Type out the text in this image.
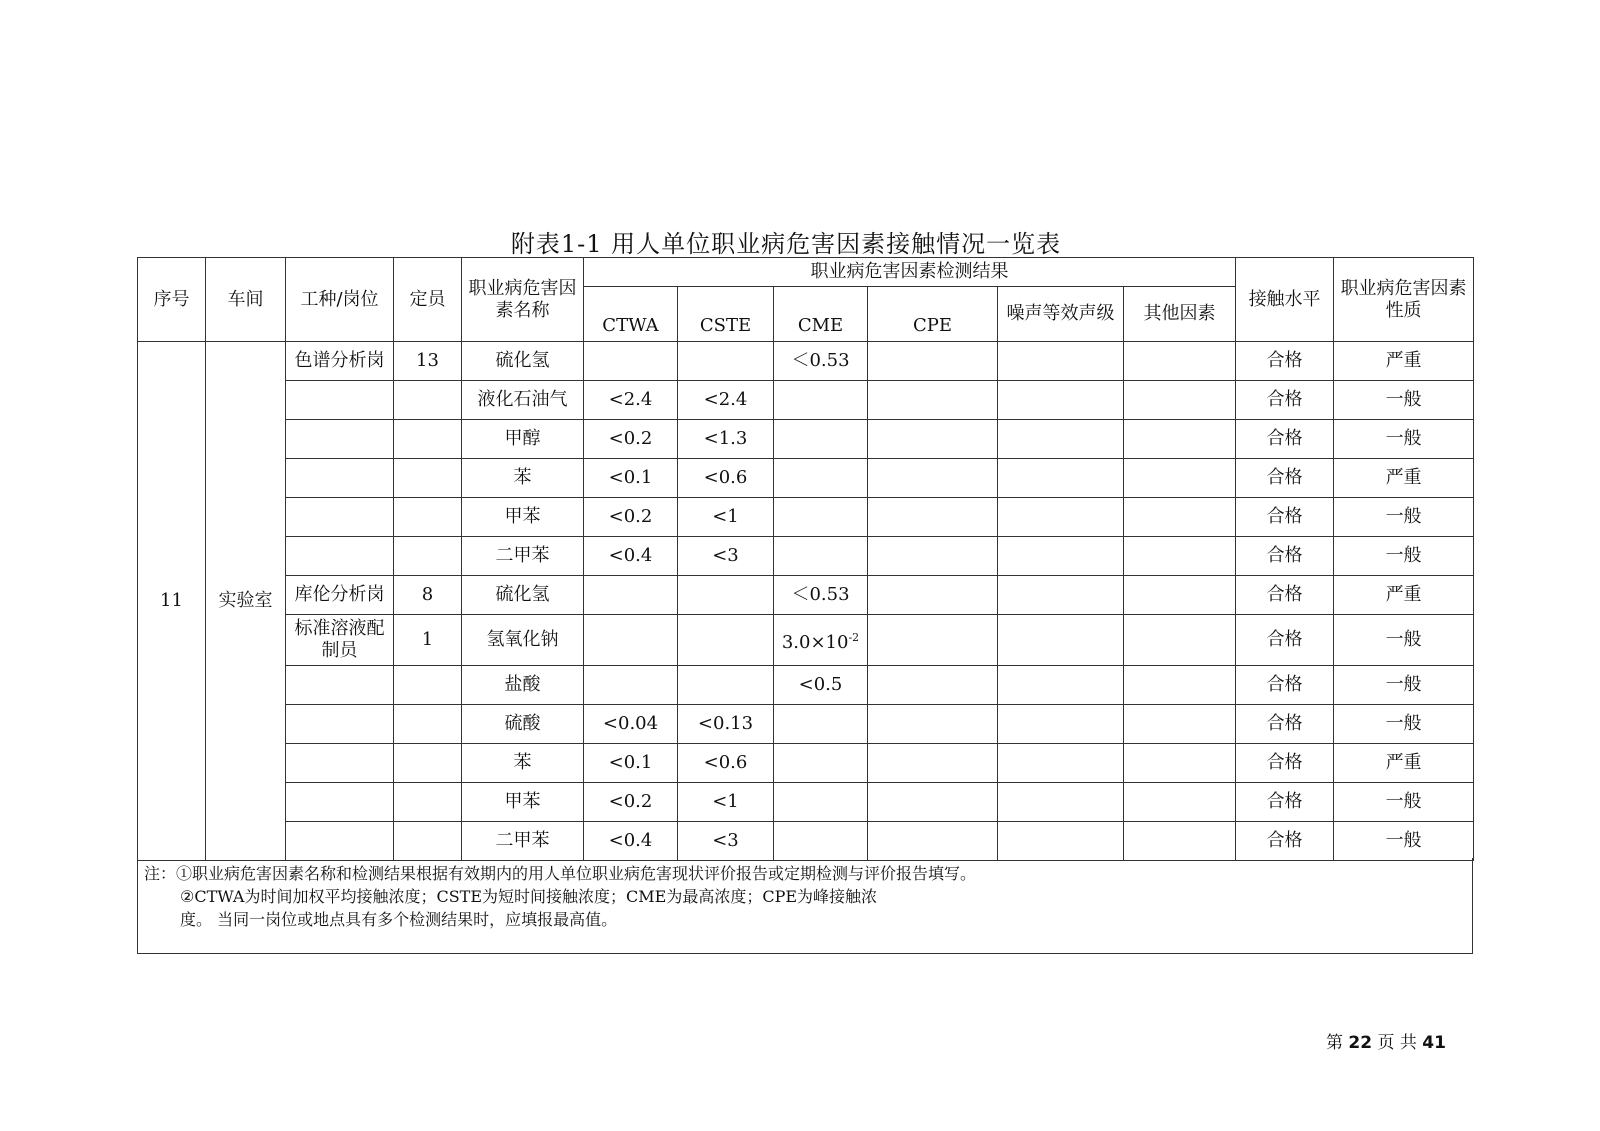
附表1-1 用人单位职业病危害因素接触情况一览表
序号	车间	工种/岗位	定员	职业病危害因素名称	职业病危害因素检测结果						接触水平	职业病危害因素性质
					CTWA	CSTE	CME	CPE	噪声等效声级	其他因素		
11	实验室	色谱分析岗	13	硫化氢			＜0.53				合格	严重
				液化石油气	<2.4	<2.4					合格	一般
				甲醇	<0.2	<1.3					合格	一般
				苯	<0.1	<0.6					合格	严重
				甲苯	<0.2	<1					合格	一般
				二甲苯	<0.4	<3					合格	一般
		库伦分析岗	8	硫化氢			＜0.53				合格	严重
		标准溶液配制员	1	氢氧化钠			$3.0\times 10^{-2}$				合格	一般
				盐酸			<0.5				合格	一般
				硫酸	<0.04	<0.13					合格	一般
				苯	<0.1	<0.6					合格	严重
				甲苯	<0.2	<1					合格	一般
				二甲苯	<0.4	<3					合格	一般
注：①职业病危害因素名称和检测结果根据有效期内的用人单位职业病危害现状评价报告或定期检测与评价报告填写。
②CTWA为时间加权平均接触浓度；CSTE为短时间接触浓度；CME为最高浓度；CPE为峰接触浓
度。 当同一岗位或地点具有多个检测结果时，应填报最高值。
第 22 页 共 41
